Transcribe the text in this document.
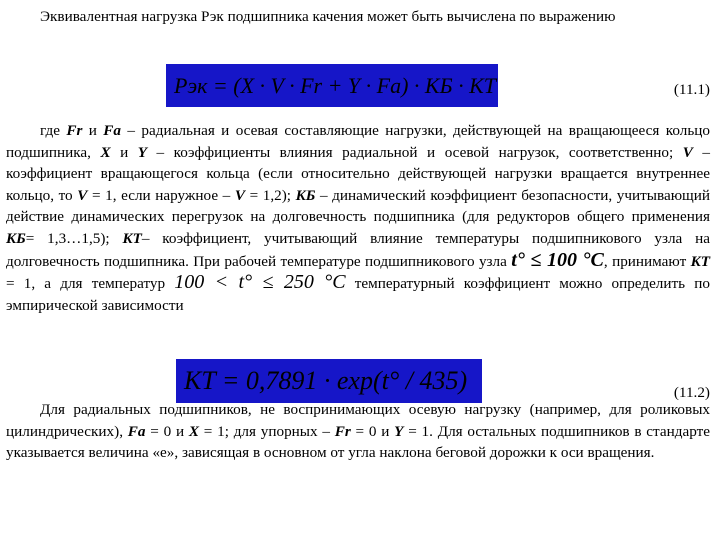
Эквивалентная нагрузка Рэк подшипника качения может быть вычислена по выражению

Pэк = (X · V · Fr + Y · Fa) · KБ · KT	(11.1)

где Fr и Fa – радиальная и осевая составляющие нагрузки, действующей на вращающееся кольцо подшипника, X и Y – коэффициенты влияния радиальной и осевой нагрузок, соответственно; V – коэффициент вращающегося кольца (если относительно действующей нагрузки вращается внутреннее кольцо, то V = 1, если наружное – V = 1,2); KБ – динамический коэффициент безопасности, учитывающий действие динамических перегрузок на долговечность подшипника (для редукторов общего применения KБ= 1,3…1,5); KT– коэффициент, учитывающий влияние температуры подшипникового узла на долговечность подшипника. При рабочей температуре подшипникового узла t° ≤ 100 °C, принимают KT = 1, а для температур 100 < t° ≤ 250 °C температурный коэффициент можно определить по эмпирической зависимости

KT = 0,7891 · exp(t° / 435)	(11.2)

Для радиальных подшипников, не воспринимающих осевую нагрузку (например, для роликовых цилиндрических), Fa = 0 и X = 1; для упорных – Fr = 0 и Y = 1. Для остальных подшипников в стандарте указывается величина «e», зависящая в основном от угла наклона беговой дорожки к оси вращения.
